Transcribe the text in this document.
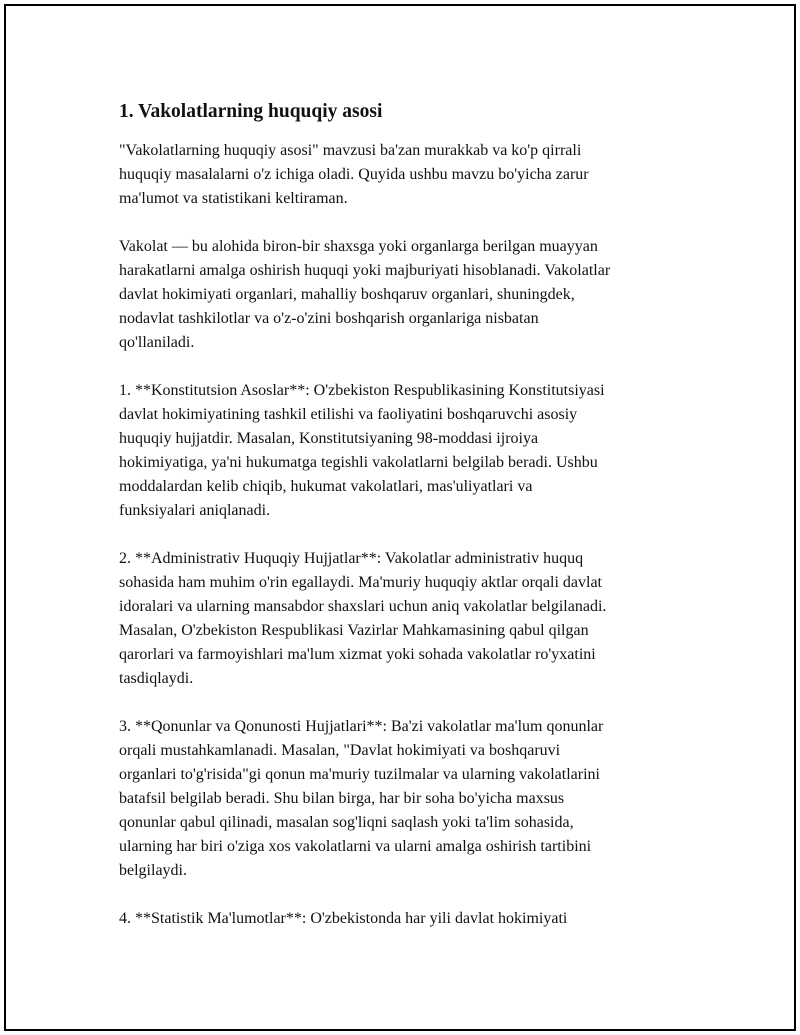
1. Vakolatlarning huquqiy asosi
"Vakolatlarning huquqiy asosi" mavzusi ba'zan murakkab va ko'p qirrali
huquqiy masalalarni o'z ichiga oladi. Quyida ushbu mavzu bo'yicha zarur
ma'lumot va statistikani keltiraman.
Vakolat — bu alohida biron-bir shaxsga yoki organlarga berilgan muayyan
harakatlarni amalga oshirish huquqi yoki majburiyati hisoblanadi. Vakolatlar
davlat hokimiyati organlari, mahalliy boshqaruv organlari, shuningdek,
nodavlat tashkilotlar va o'z-o'zini boshqarish organlariga nisbatan
qo'llaniladi.
1. **Konstitutsion Asoslar**: O'zbekiston Respublikasining Konstitutsiyasi
davlat hokimiyatining tashkil etilishi va faoliyatini boshqaruvchi asosiy
huquqiy hujjatdir. Masalan, Konstitutsiyaning 98-moddasi ijroiya
hokimiyatiga, ya'ni hukumatga tegishli vakolatlarni belgilab beradi. Ushbu
moddalardan kelib chiqib, hukumat vakolatlari, mas'uliyatlari va
funksiyalari aniqlanadi.
2. **Administrativ Huquqiy Hujjatlar**: Vakolatlar administrativ huquq
sohasida ham muhim o'rin egallaydi. Ma'muriy huquqiy aktlar orqali davlat
idoralari va ularning mansabdor shaxslari uchun aniq vakolatlar belgilanadi.
Masalan, O'zbekiston Respublikasi Vazirlar Mahkamasining qabul qilgan
qarorlari va farmoyishlari ma'lum xizmat yoki sohada vakolatlar ro'yxatini
tasdiqlaydi.
3. **Qonunlar va Qonunosti Hujjatlari**: Ba'zi vakolatlar ma'lum qonunlar
orqali mustahkamlanadi. Masalan, "Davlat hokimiyati va boshqaruvi
organlari to'g'risida"gi qonun ma'muriy tuzilmalar va ularning vakolatlarini
batafsil belgilab beradi. Shu bilan birga, har bir soha bo'yicha maxsus
qonunlar qabul qilinadi, masalan sog'liqni saqlash yoki ta'lim sohasida,
ularning har biri o'ziga xos vakolatlarni va ularni amalga oshirish tartibini
belgilaydi.
4. **Statistik Ma'lumotlar**: O'zbekistonda har yili davlat hokimiyati
